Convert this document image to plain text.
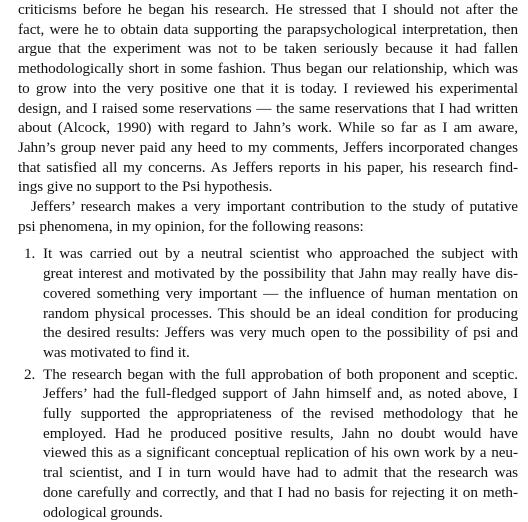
criticisms before he began his research. He stressed that I should not after the
fact, were he to obtain data supporting the parapsychological interpretation, then
argue that the experiment was not to be taken seriously because it had fallen
methodologically short in some fashion. Thus began our relationship, which was
to grow into the very positive one that it is today. I reviewed his experimental
design, and I raised some reservations — the same reservations that I had written
about (Alcock, 1990) with regard to Jahn’s work. While so far as I am aware,
Jahn’s group never paid any heed to my comments, Jeffers incorporated changes
that satisfied all my concerns. As Jeffers reports in his paper, his research find-
ings give no support to the Psi hypothesis.
Jeffers’ research makes a very important contribution to the study of putative
psi phenomena, in my opinion, for the following reasons:
1. It was carried out by a neutral scientist who approached the subject with
great interest and motivated by the possibility that Jahn may really have dis-
covered something very important — the influence of human mentation on
random physical processes. This should be an ideal condition for producing
the desired results: Jeffers was very much open to the possibility of psi and
was motivated to find it.
2. The research began with the full approbation of both proponent and sceptic.
Jeffers’ had the full-fledged support of Jahn himself and, as noted above, I
fully supported the appropriateness of the revised methodology that he
employed. Had he produced positive results, Jahn no doubt would have
viewed this as a significant conceptual replication of his own work by a neu-
tral scientist, and I in turn would have had to admit that the research was
done carefully and correctly, and that I had no basis for rejecting it on meth-
odological grounds.
